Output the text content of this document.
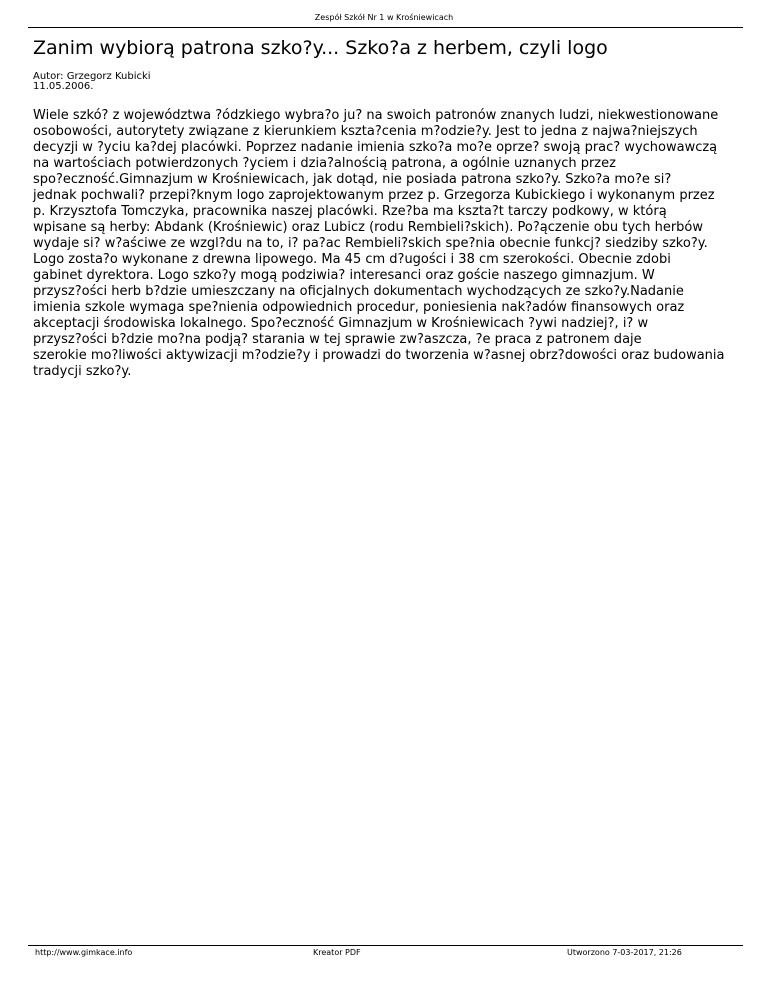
Zespół Szkół Nr 1 w Krośniewicach
Zanim wybiorą patrona szko?y... Szko?a z herbem, czyli logo
Autor: Grzegorz Kubicki
11.05.2006.

Wiele szkó? z województwa ?ódzkiego wybra?o ju? na swoich patronów znanych ludzi, niekwestionowane
osobowości, autorytety związane z kierunkiem kszta?cenia m?odzie?y. Jest to jedna z najwa?niejszych
decyzji w ?yciu ka?dej placówki. Poprzez nadanie imienia szko?a mo?e oprze? swoją prac? wychowawczą
na wartościach potwierdzonych ?yciem i dzia?alnością patrona, a ogólnie uznanych przez
spo?eczność.Gimnazjum w Krośniewicach, jak dotąd, nie posiada patrona szko?y. Szko?a mo?e si?
jednak pochwali? przepi?knym logo zaprojektowanym przez p. Grzegorza Kubickiego i wykonanym przez
p. Krzysztofa Tomczyka, pracownika naszej placówki. Rze?ba ma kszta?t tarczy podkowy, w którą
wpisane są herby: Abdank (Krośniewic) oraz Lubicz (rodu Rembieli?skich). Po?ączenie obu tych herbów
wydaje si? w?aściwe ze wzgl?du na to, i? pa?ac Rembieli?skich spe?nia obecnie funkcj? siedziby szko?y.
Logo zosta?o wykonane z drewna lipowego. Ma 45 cm d?ugości i 38 cm szerokości. Obecnie zdobi
gabinet dyrektora. Logo szko?y mogą podziwia? interesanci oraz goście naszego gimnazjum. W
przysz?ości herb b?dzie umieszczany na oficjalnych dokumentach wychodzących ze szko?y.Nadanie
imienia szkole wymaga spe?nienia odpowiednich procedur, poniesienia nak?adów finansowych oraz
akceptacji środowiska lokalnego. Spo?eczność Gimnazjum w Krośniewicach ?ywi nadziej?, i? w
przysz?ości b?dzie mo?na podją? starania w tej sprawie zw?aszcza, ?e praca z patronem daje
szerokie mo?liwości aktywizacji m?odzie?y i prowadzi do tworzenia w?asnej obrz?dowości oraz budowania
tradycji szko?y.

http://www.gimkace.info	Kreator PDF	Utworzono 7-03-2017, 21:26
